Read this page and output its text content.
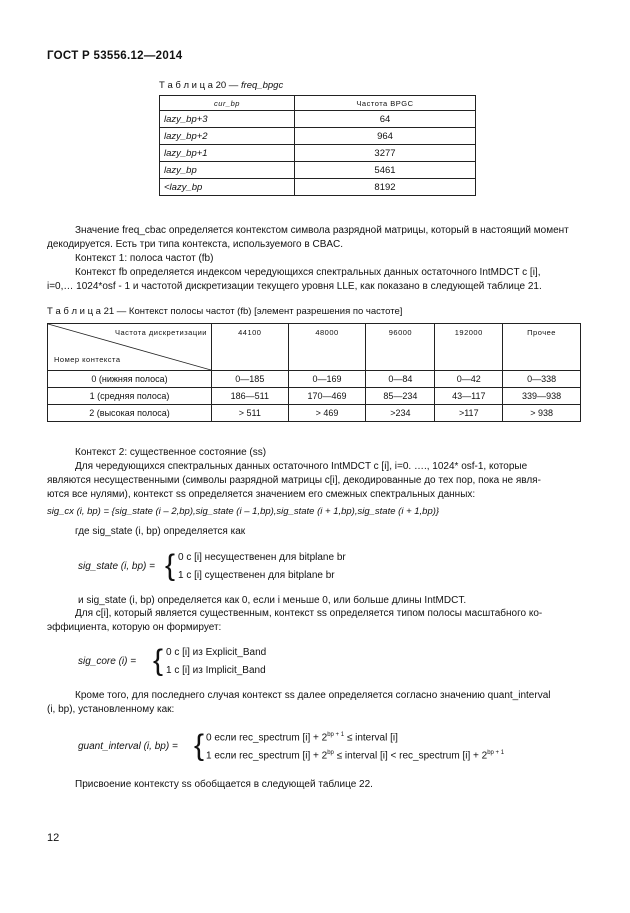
ГОСТ Р 53556.12—2014
Т а б л и ц а 20 — freq_bpgc
cur_bp	Частота BPGC
lazy_bp+3	64
lazy_bp+2	964
lazy_bp+1	3277
lazy_bp	5461
<lazy_bp	8192
Значение freq_cbac определяется контекстом символа разрядной матрицы, который в настоящий момент
декодируется. Есть три типа контекста, используемого в CBAC.
Контекст 1: полоса частот (fb)
Контекст fb определяется индексом чередующихся спектральных данных остаточного IntMDCT с [i],
i=0,… 1024*osf - 1 и частотой дискретизации текущего уровня LLE, как показано в следующей таблице 21.
Т а б л и ц а 21 — Контекст полосы частот (fb) [элемент разрешения по частоте]
Частота дискретизации
Номер контекста	44100	48000	96000	192000	Прочее
0 (нижняя полоса)	0—185	0—169	0—84	0—42	0—338
1 (средняя полоса)	186—511	170—469	85—234	43—117	339—938
2 (высокая полоса)	> 511	> 469	>234	>117	> 938
Контекст 2: существенное состояние (ss)
Для чередующихся спектральных данных остаточного IntMDCT с [i], i=0. …., 1024* osf-1, которые
являются несущественными (символы разрядной матрицы c[i], декодированные до тех пор, пока не явля-
ются все нулями), контекст ss определяется значением его смежных спектральных данных:
sig_cx (i, bp) = {sig_state (i – 2,bp),sig_state (i – 1,bp),sig_state (i + 1,bp),sig_state (i + 1,bp)}
где sig_state (i, bp) определяется как
sig_state (i, bp) = { 0 c [i] несущественен для bitplane br
1 c [i] существенен для bitplane br
и sig_state (i, bp) определяется как 0, если i меньше 0, или больше длины IntMDCT.
Для c[i], который является существенным, контекст ss определяется типом полосы масштабного ко-
эффициента, которую он формирует:
sig_core (i) = { 0 c [i] из Explicit_Band
1 c [i] из Implicit_Band
Кроме того, для последнего случая контекст ss далее определяется согласно значению quant_interval
(i, bp), установленному как:
guant_interval (i, bp) = { 0 если rec_spectrum $[i] + 2^{bp + 1}$ ≤ interval [i]
1 если rec_spectrum $[i] + 2^{bp}$ ≤ interval [i] < rec_spectrum $[i] + 2^{bp + 1}$
Присвоение контексту ss обобщается в следующей таблице 22.
12
